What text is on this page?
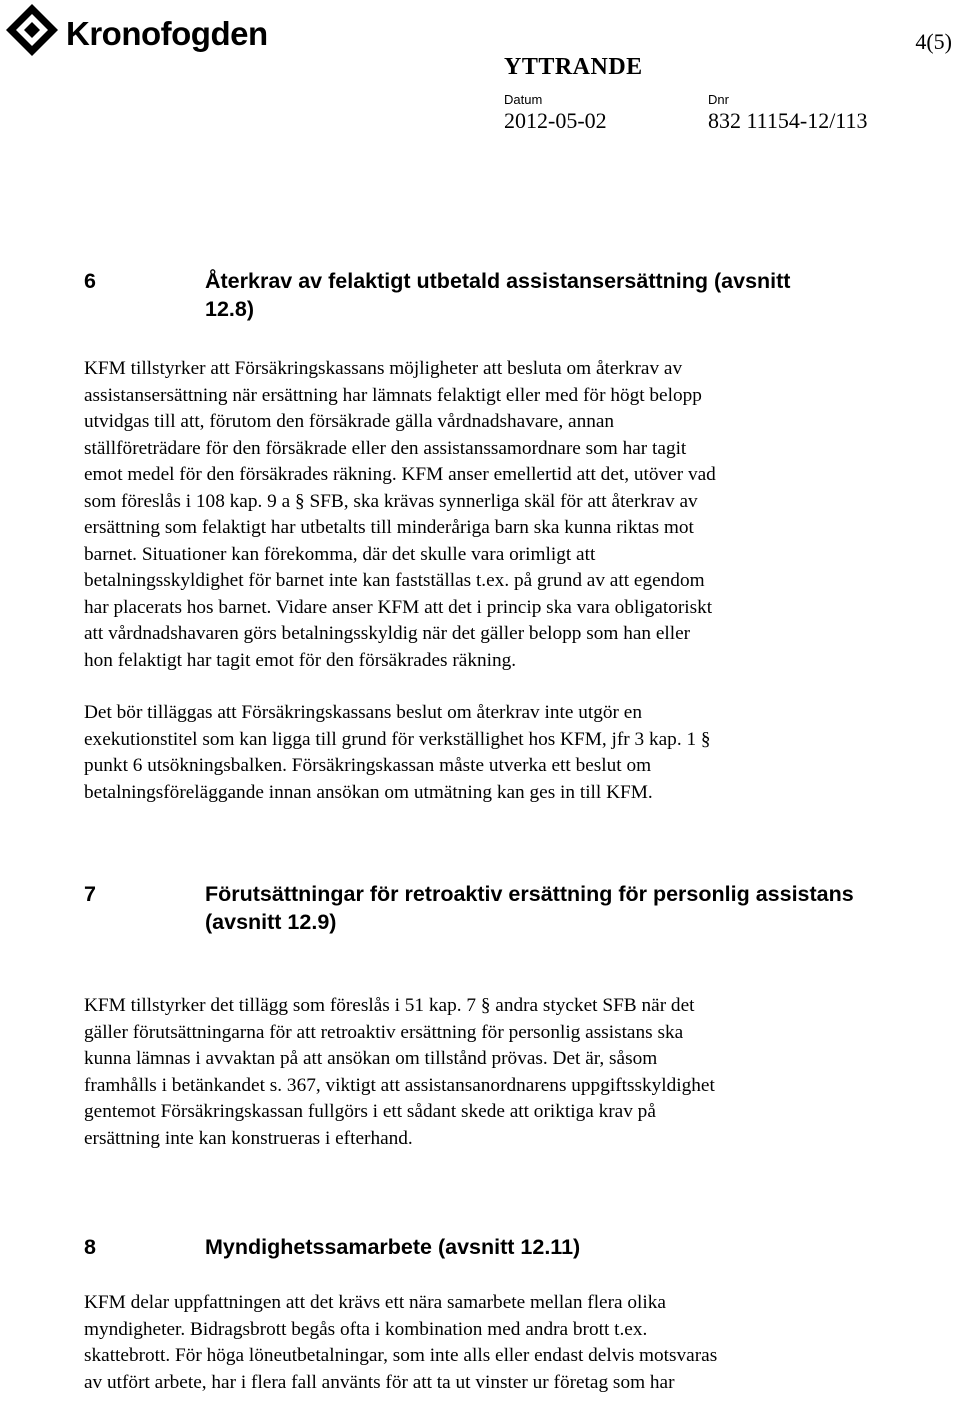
Kronofogden	4(5)
YTTRANDE
Datum	Dnr
2012-05-02	832 11154-12/113
6	Återkrav av felaktigt utbetald assistansersättning (avsnitt 12.8)

KFM tillstyrker att Försäkringskassans möjligheter att besluta om återkrav av
assistansersättning när ersättning har lämnats felaktigt eller med för högt belopp
utvidgas till att, förutom den försäkrade gälla vårdnadshavare, annan
ställföreträdare för den försäkrade eller den assistanssamordnare som har tagit
emot medel för den försäkrades räkning. KFM anser emellertid att det, utöver vad
som föreslås i 108 kap. 9 a § SFB, ska krävas synnerliga skäl för att återkrav av
ersättning som felaktigt har utbetalts till minderåriga barn ska kunna riktas mot
barnet. Situationer kan förekomma, där det skulle vara orimligt att
betalningsskyldighet för barnet inte kan fastställas t.ex. på grund av att egendom
har placerats hos barnet. Vidare anser KFM att det i princip ska vara obligatoriskt
att vårdnadshavaren görs betalningsskyldig när det gäller belopp som han eller
hon felaktigt har tagit emot för den försäkrades räkning.

Det bör tilläggas att Försäkringskassans beslut om återkrav inte utgör en
exekutionstitel som kan ligga till grund för verkställighet hos KFM, jfr 3 kap. 1 §
punkt 6 utsökningsbalken. Försäkringskassan måste utverka ett beslut om
betalningsföreläggande innan ansökan om utmätning kan ges in till KFM.

7	Förutsättningar för retroaktiv ersättning för personlig assistans (avsnitt 12.9)

KFM tillstyrker det tillägg som föreslås i 51 kap. 7 § andra stycket SFB när det
gäller förutsättningarna för att retroaktiv ersättning för personlig assistans ska
kunna lämnas i avvaktan på att ansökan om tillstånd prövas. Det är, såsom
framhålls i betänkandet s. 367, viktigt att assistansanordnarens uppgiftsskyldighet
gentemot Försäkringskassan fullgörs i ett sådant skede att oriktiga krav på
ersättning inte kan konstrueras i efterhand.

8	Myndighetssamarbete (avsnitt 12.11)

KFM delar uppfattningen att det krävs ett nära samarbete mellan flera olika
myndigheter. Bidragsbrott begås ofta i kombination med andra brott t.ex.
skattebrott. För höga löneutbetalningar, som inte alls eller endast delvis motsvaras
av utfört arbete, har i flera fall använts för att ta ut vinster ur företag som har
